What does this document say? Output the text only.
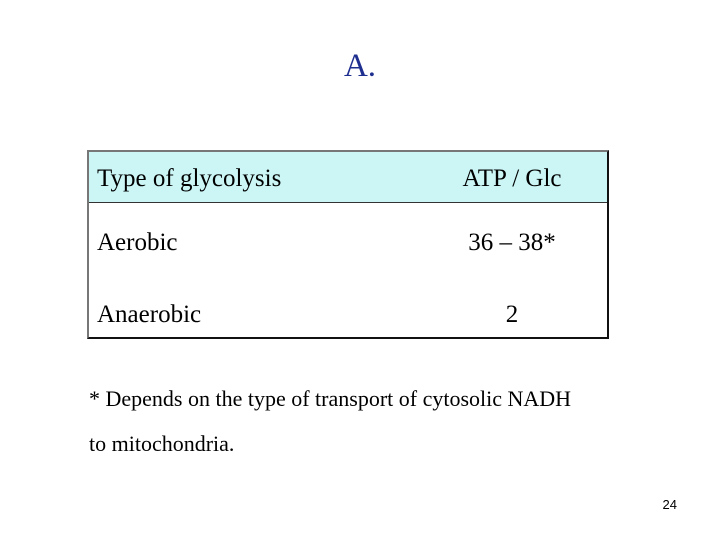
A.
Type of glycolysis	ATP / Glc
Aerobic	36 – 38*
Anaerobic	2
* Depends on the type of transport of cytosolic NADH
to mitochondria.
24
